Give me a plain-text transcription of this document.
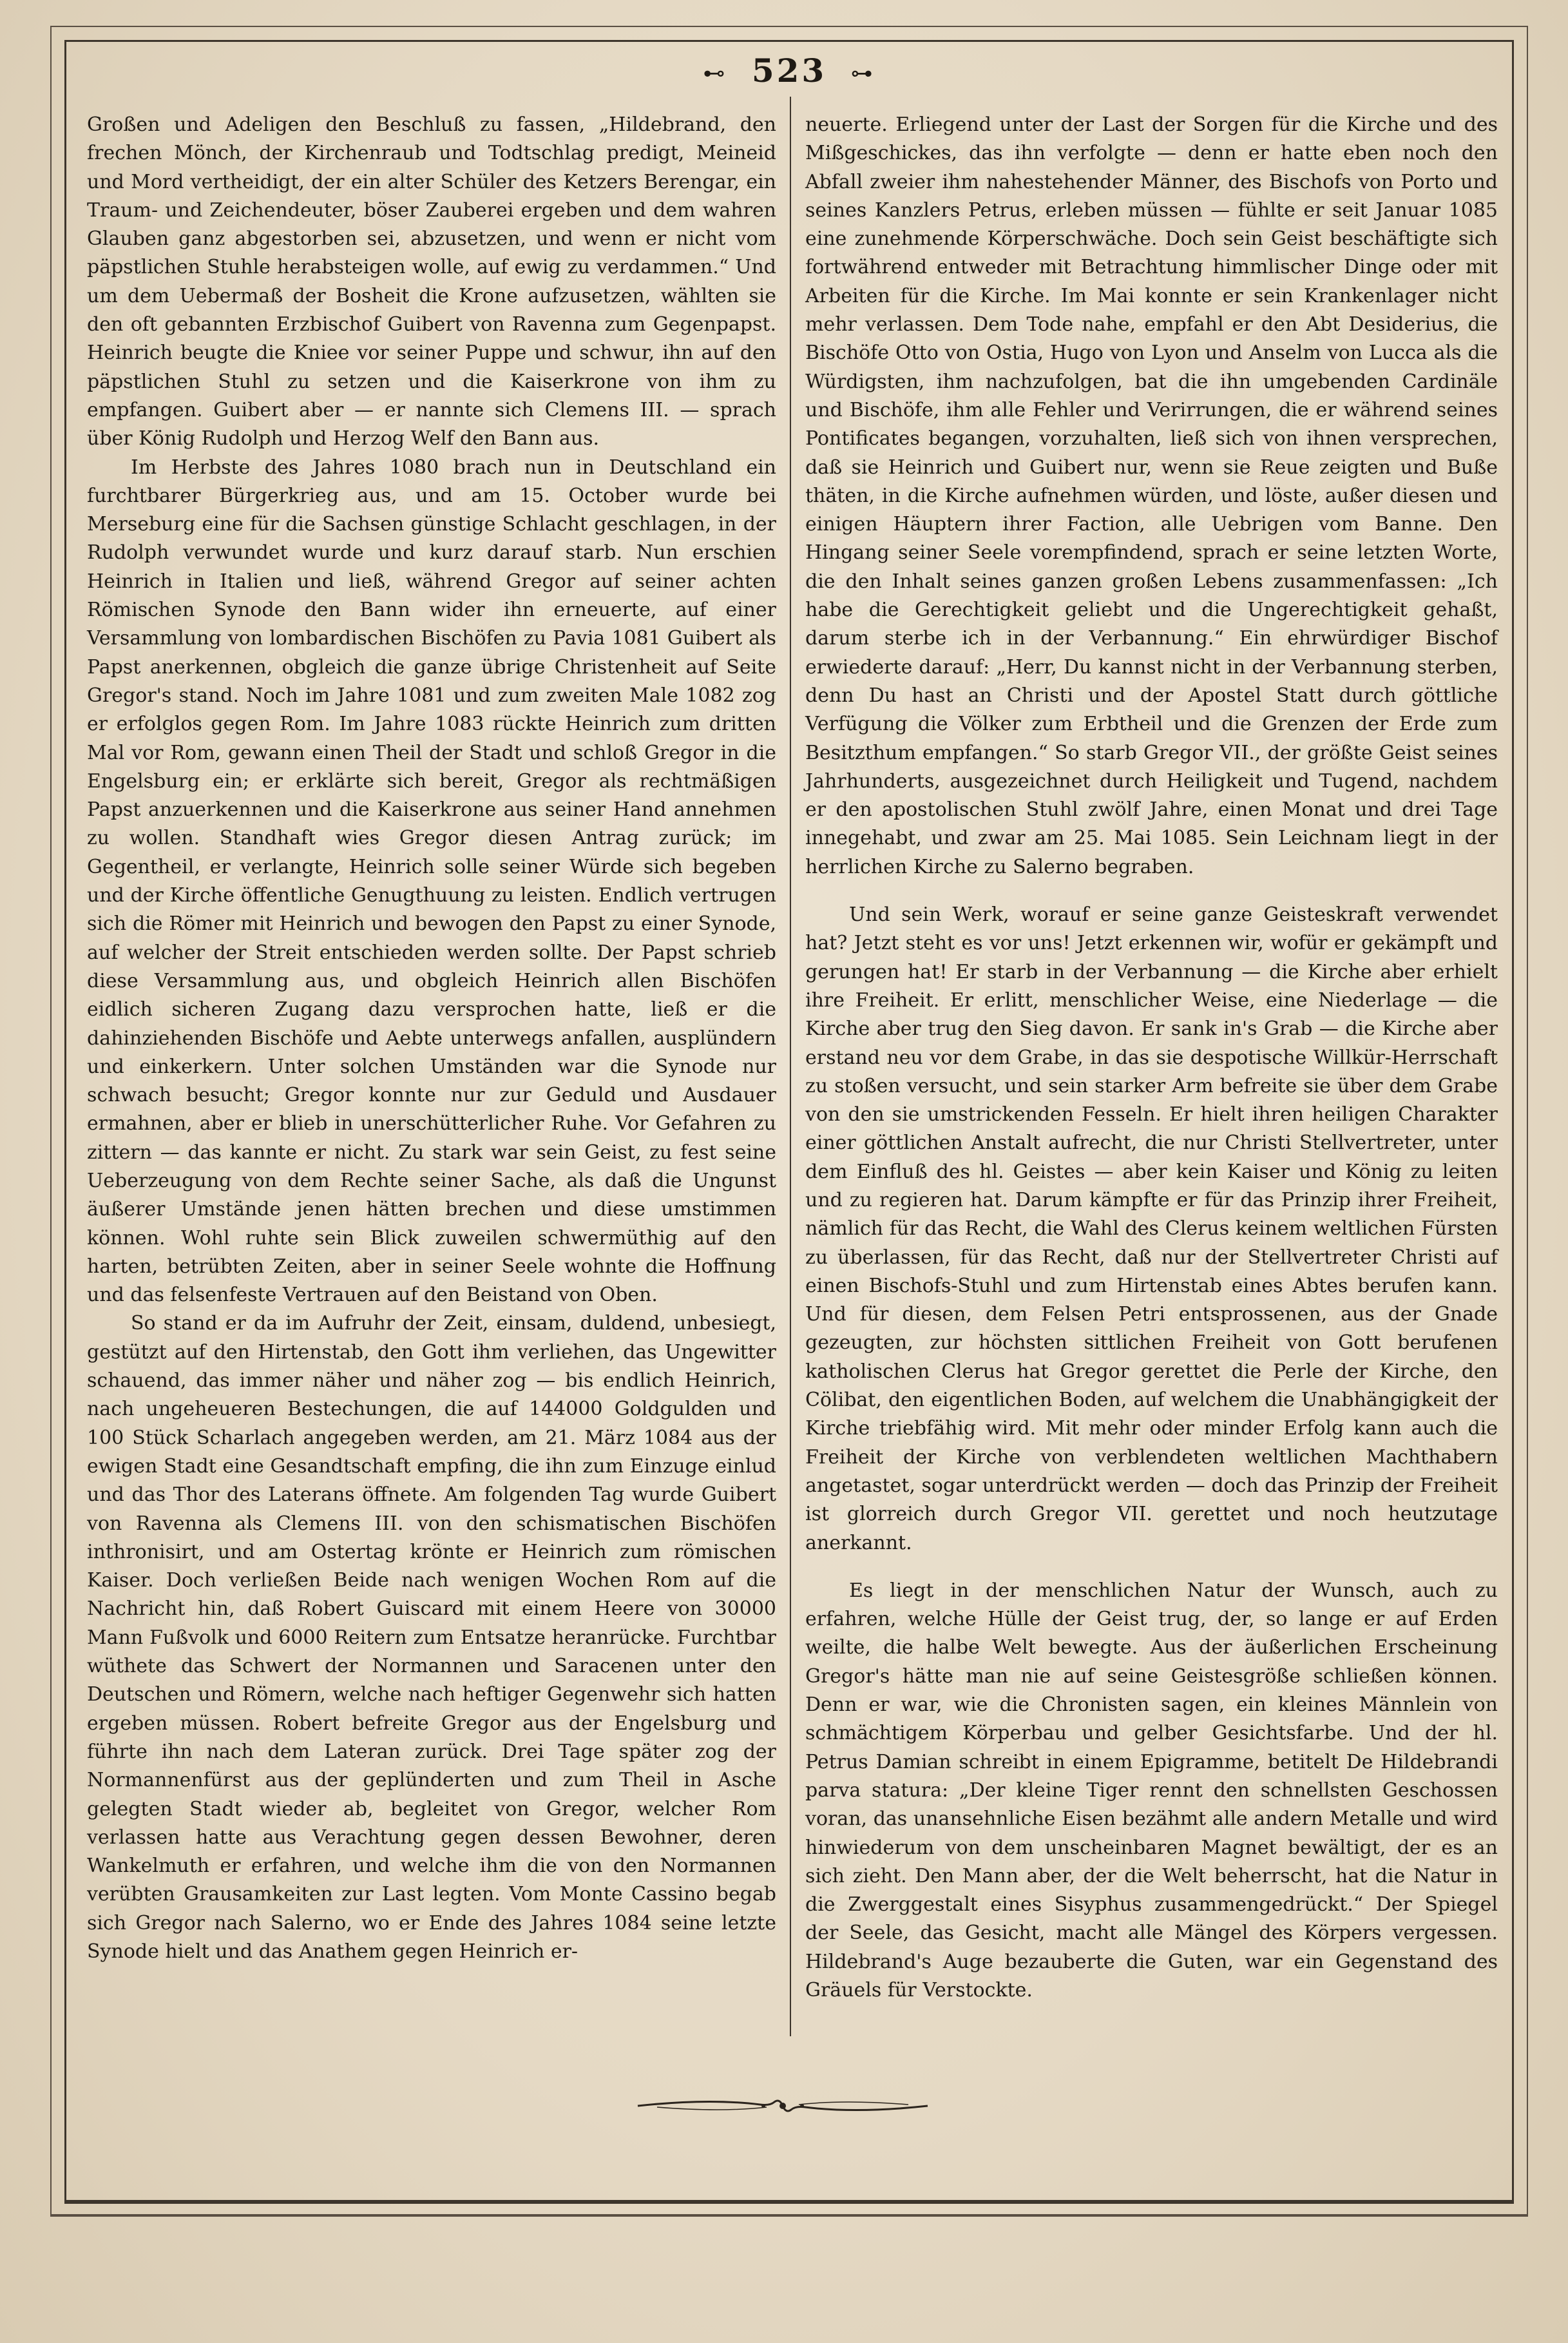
⊷ 523 ⊶

Großen und Adeligen den Beschluß zu fassen, „Hildebrand, den frechen Mönch, der Kirchenraub und Todtschlag predigt, Meineid und Mord vertheidigt, der ein alter Schüler des Ketzers Berengar, ein Traum- und Zeichendeuter, böser Zauberei ergeben und dem wahren Glauben ganz abgestorben sei, abzusetzen, und wenn er nicht vom päpstlichen Stuhle herabsteigen wolle, auf ewig zu verdammen.“ Und um dem Uebermaß der Bosheit die Krone aufzusetzen, wählten sie den oft gebannten Erzbischof Guibert von Ravenna zum Gegenpapst. Heinrich beugte die Kniee vor seiner Puppe und schwur, ihn auf den päpstlichen Stuhl zu setzen und die Kaiserkrone von ihm zu empfangen. Guibert aber — er nannte sich Clemens III. — sprach über König Rudolph und Herzog Welf den Bann aus.

Im Herbste des Jahres 1080 brach nun in Deutschland ein furchtbarer Bürgerkrieg aus, und am 15. October wurde bei Merseburg eine für die Sachsen günstige Schlacht geschlagen, in der Rudolph verwundet wurde und kurz darauf starb. Nun erschien Heinrich in Italien und ließ, während Gregor auf seiner achten Römischen Synode den Bann wider ihn erneuerte, auf einer Versammlung von lombardischen Bischöfen zu Pavia 1081 Guibert als Papst anerkennen, obgleich die ganze übrige Christenheit auf Seite Gregor's stand. Noch im Jahre 1081 und zum zweiten Male 1082 zog er erfolglos gegen Rom. Im Jahre 1083 rückte Heinrich zum dritten Mal vor Rom, gewann einen Theil der Stadt und schloß Gregor in die Engelsburg ein; er erklärte sich bereit, Gregor als rechtmäßigen Papst anzuerkennen und die Kaiserkrone aus seiner Hand annehmen zu wollen. Standhaft wies Gregor diesen Antrag zurück; im Gegentheil, er verlangte, Heinrich solle seiner Würde sich begeben und der Kirche öffentliche Genugthuung zu leisten. Endlich vertrugen sich die Römer mit Heinrich und bewogen den Papst zu einer Synode, auf welcher der Streit entschieden werden sollte. Der Papst schrieb diese Versammlung aus, und obgleich Heinrich allen Bischöfen eidlich sicheren Zugang dazu versprochen hatte, ließ er die dahinziehenden Bischöfe und Aebte unterwegs anfallen, ausplündern und einkerkern. Unter solchen Umständen war die Synode nur schwach besucht; Gregor konnte nur zur Geduld und Ausdauer ermahnen, aber er blieb in unerschütterlicher Ruhe. Vor Gefahren zu zittern — das kannte er nicht. Zu stark war sein Geist, zu fest seine Ueberzeugung von dem Rechte seiner Sache, als daß die Ungunst äußerer Umstände jenen hätten brechen und diese umstimmen können. Wohl ruhte sein Blick zuweilen schwermüthig auf den harten, betrübten Zeiten, aber in seiner Seele wohnte die Hoffnung und das felsenfeste Vertrauen auf den Beistand von Oben.

So stand er da im Aufruhr der Zeit, einsam, duldend, unbesiegt, gestützt auf den Hirtenstab, den Gott ihm verliehen, das Ungewitter schauend, das immer näher und näher zog — bis endlich Heinrich, nach ungeheueren Bestechungen, die auf 144000 Goldgulden und 100 Stück Scharlach angegeben werden, am 21. März 1084 aus der ewigen Stadt eine Gesandtschaft empfing, die ihn zum Einzuge einlud und das Thor des Laterans öffnete. Am folgenden Tag wurde Guibert von Ravenna als Clemens III. von den schismatischen Bischöfen inthronisirt, und am Ostertag krönte er Heinrich zum römischen Kaiser. Doch verließen Beide nach wenigen Wochen Rom auf die Nachricht hin, daß Robert Guiscard mit einem Heere von 30000 Mann Fußvolk und 6000 Reitern zum Entsatze heranrücke. Furchtbar wüthete das Schwert der Normannen und Saracenen unter den Deutschen und Römern, welche nach heftiger Gegenwehr sich hatten ergeben müssen. Robert befreite Gregor aus der Engelsburg und führte ihn nach dem Lateran zurück. Drei Tage später zog der Normannenfürst aus der geplünderten und zum Theil in Asche gelegten Stadt wieder ab, begleitet von Gregor, welcher Rom verlassen hatte aus Verachtung gegen dessen Bewohner, deren Wankelmuth er erfahren, und welche ihm die von den Normannen verübten Grausamkeiten zur Last legten. Vom Monte Cassino begab sich Gregor nach Salerno, wo er Ende des Jahres 1084 seine letzte Synode hielt und das Anathem gegen Heinrich er-

neuerte. Erliegend unter der Last der Sorgen für die Kirche und des Mißgeschickes, das ihn verfolgte — denn er hatte eben noch den Abfall zweier ihm nahestehender Männer, des Bischofs von Porto und seines Kanzlers Petrus, erleben müssen — fühlte er seit Januar 1085 eine zunehmende Körperschwäche. Doch sein Geist beschäftigte sich fortwährend entweder mit Betrachtung himmlischer Dinge oder mit Arbeiten für die Kirche. Im Mai konnte er sein Krankenlager nicht mehr verlassen. Dem Tode nahe, empfahl er den Abt Desiderius, die Bischöfe Otto von Ostia, Hugo von Lyon und Anselm von Lucca als die Würdigsten, ihm nachzufolgen, bat die ihn umgebenden Cardinäle und Bischöfe, ihm alle Fehler und Verirrungen, die er während seines Pontificates begangen, vorzuhalten, ließ sich von ihnen versprechen, daß sie Heinrich und Guibert nur, wenn sie Reue zeigten und Buße thäten, in die Kirche aufnehmen würden, und löste, außer diesen und einigen Häuptern ihrer Faction, alle Uebrigen vom Banne. Den Hingang seiner Seele vorempfindend, sprach er seine letzten Worte, die den Inhalt seines ganzen großen Lebens zusammenfassen: „Ich habe die Gerechtigkeit geliebt und die Ungerechtigkeit gehaßt, darum sterbe ich in der Verbannung.“ Ein ehrwürdiger Bischof erwiederte darauf: „Herr, Du kannst nicht in der Verbannung sterben, denn Du hast an Christi und der Apostel Statt durch göttliche Verfügung die Völker zum Erbtheil und die Grenzen der Erde zum Besitzthum empfangen.“ So starb Gregor VII., der größte Geist seines Jahrhunderts, ausgezeichnet durch Heiligkeit und Tugend, nachdem er den apostolischen Stuhl zwölf Jahre, einen Monat und drei Tage innegehabt, und zwar am 25. Mai 1085. Sein Leichnam liegt in der herrlichen Kirche zu Salerno begraben.

Und sein Werk, worauf er seine ganze Geisteskraft verwendet hat? Jetzt steht es vor uns! Jetzt erkennen wir, wofür er gekämpft und gerungen hat! Er starb in der Verbannung — die Kirche aber erhielt ihre Freiheit. Er erlitt, menschlicher Weise, eine Niederlage — die Kirche aber trug den Sieg davon. Er sank in's Grab — die Kirche aber erstand neu vor dem Grabe, in das sie despotische Willkür-Herrschaft zu stoßen versucht, und sein starker Arm befreite sie über dem Grabe von den sie umstrickenden Fesseln. Er hielt ihren heiligen Charakter einer göttlichen Anstalt aufrecht, die nur Christi Stellvertreter, unter dem Einfluß des hl. Geistes — aber kein Kaiser und König zu leiten und zu regieren hat. Darum kämpfte er für das Prinzip ihrer Freiheit, nämlich für das Recht, die Wahl des Clerus keinem weltlichen Fürsten zu überlassen, für das Recht, daß nur der Stellvertreter Christi auf einen Bischofs-Stuhl und zum Hirtenstab eines Abtes berufen kann. Und für diesen, dem Felsen Petri entsprossenen, aus der Gnade gezeugten, zur höchsten sittlichen Freiheit von Gott berufenen katholischen Clerus hat Gregor gerettet die Perle der Kirche, den Cölibat, den eigentlichen Boden, auf welchem die Unabhängigkeit der Kirche triebfähig wird. Mit mehr oder minder Erfolg kann auch die Freiheit der Kirche von verblendeten weltlichen Machthabern angetastet, sogar unterdrückt werden — doch das Prinzip der Freiheit ist glorreich durch Gregor VII. gerettet und noch heutzutage anerkannt.

Es liegt in der menschlichen Natur der Wunsch, auch zu erfahren, welche Hülle der Geist trug, der, so lange er auf Erden weilte, die halbe Welt bewegte. Aus der äußerlichen Erscheinung Gregor's hätte man nie auf seine Geistesgröße schließen können. Denn er war, wie die Chronisten sagen, ein kleines Männlein von schmächtigem Körperbau und gelber Gesichtsfarbe. Und der hl. Petrus Damian schreibt in einem Epigramme, betitelt De Hildebrandi parva statura: „Der kleine Tiger rennt den schnellsten Geschossen voran, das unansehnliche Eisen bezähmt alle andern Metalle und wird hinwiederum von dem unscheinbaren Magnet bewältigt, der es an sich zieht. Den Mann aber, der die Welt beherrscht, hat die Natur in die Zwerggestalt eines Sisyphus zusammengedrückt.“ Der Spiegel der Seele, das Gesicht, macht alle Mängel des Körpers vergessen. Hildebrand's Auge bezauberte die Guten, war ein Gegenstand des Gräuels für Verstockte.
